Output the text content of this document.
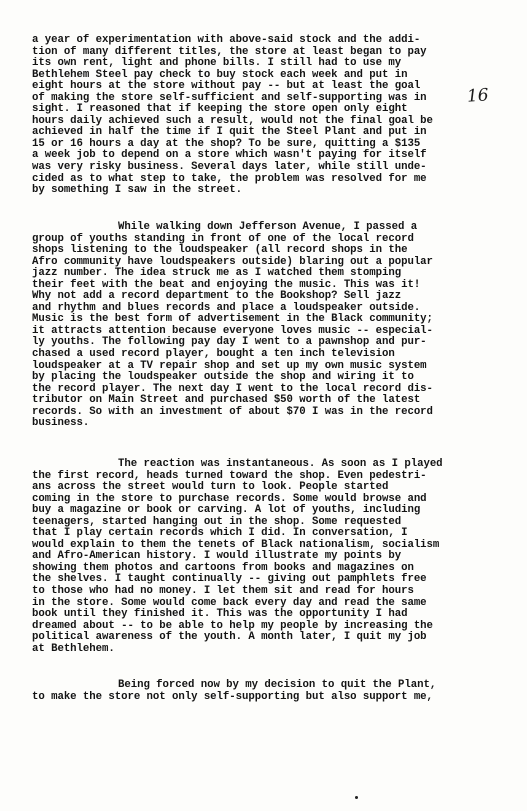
16
a year of experimentation with above-said stock and the addi-
tion of many different titles, the store at least began to pay
its own rent, light and phone bills. I still had to use my
Bethlehem Steel pay check to buy stock each week and put in
eight hours at the store without pay -- but at least the goal
of making the store self-sufficient and self-supporting was in
sight. I reasoned that if keeping the store open only eight
hours daily achieved such a result, would not the final goal be
achieved in half the time if I quit the Steel Plant and put in
15 or 16 hours a day at the shop? To be sure, quitting a $135
a week job to depend on a store which wasn't paying for itself
was very risky business. Several days later, while still unde-
cided as to what step to take, the problem was resolved for me
by something I saw in the street.
While walking down Jefferson Avenue, I passed a
group of youths standing in front of one of the local record
shops listening to the loudspeaker (all record shops in the
Afro community have loudspeakers outside) blaring out a popular
jazz number. The idea struck me as I watched them stomping
their feet with the beat and enjoying the music. This was it!
Why not add a record department to the Bookshop? Sell jazz
and rhythm and blues records and place a loudspeaker outside.
Music is the best form of advertisement in the Black community;
it attracts attention because everyone loves music -- especial-
ly youths. The following pay day I went to a pawnshop and pur-
chased a used record player, bought a ten inch television
loudspeaker at a TV repair shop and set up my own music system
by placing the loudspeaker outside the shop and wiring it to
the record player. The next day I went to the local record dis-
tributor on Main Street and purchased $50 worth of the latest
records. So with an investment of about $70 I was in the record
business.
The reaction was instantaneous. As soon as I played
the first record, heads turned toward the shop. Even pedestri-
ans across the street would turn to look. People started
coming in the store to purchase records. Some would browse and
buy a magazine or book or carving. A lot of youths, including
teenagers, started hanging out in the shop. Some requested
that I play certain records which I did. In conversation, I
would explain to them the tenets of Black nationalism, socialism
and Afro-American history. I would illustrate my points by
showing them photos and cartoons from books and magazines on
the shelves. I taught continually -- giving out pamphlets free
to those who had no money. I let them sit and read for hours
in the store. Some would come back every day and read the same
book until they finished it. This was the opportunity I had
dreamed about -- to be able to help my people by increasing the
political awareness of the youth. A month later, I quit my job
at Bethlehem.
Being forced now by my decision to quit the Plant,
to make the store not only self-supporting but also support me,
